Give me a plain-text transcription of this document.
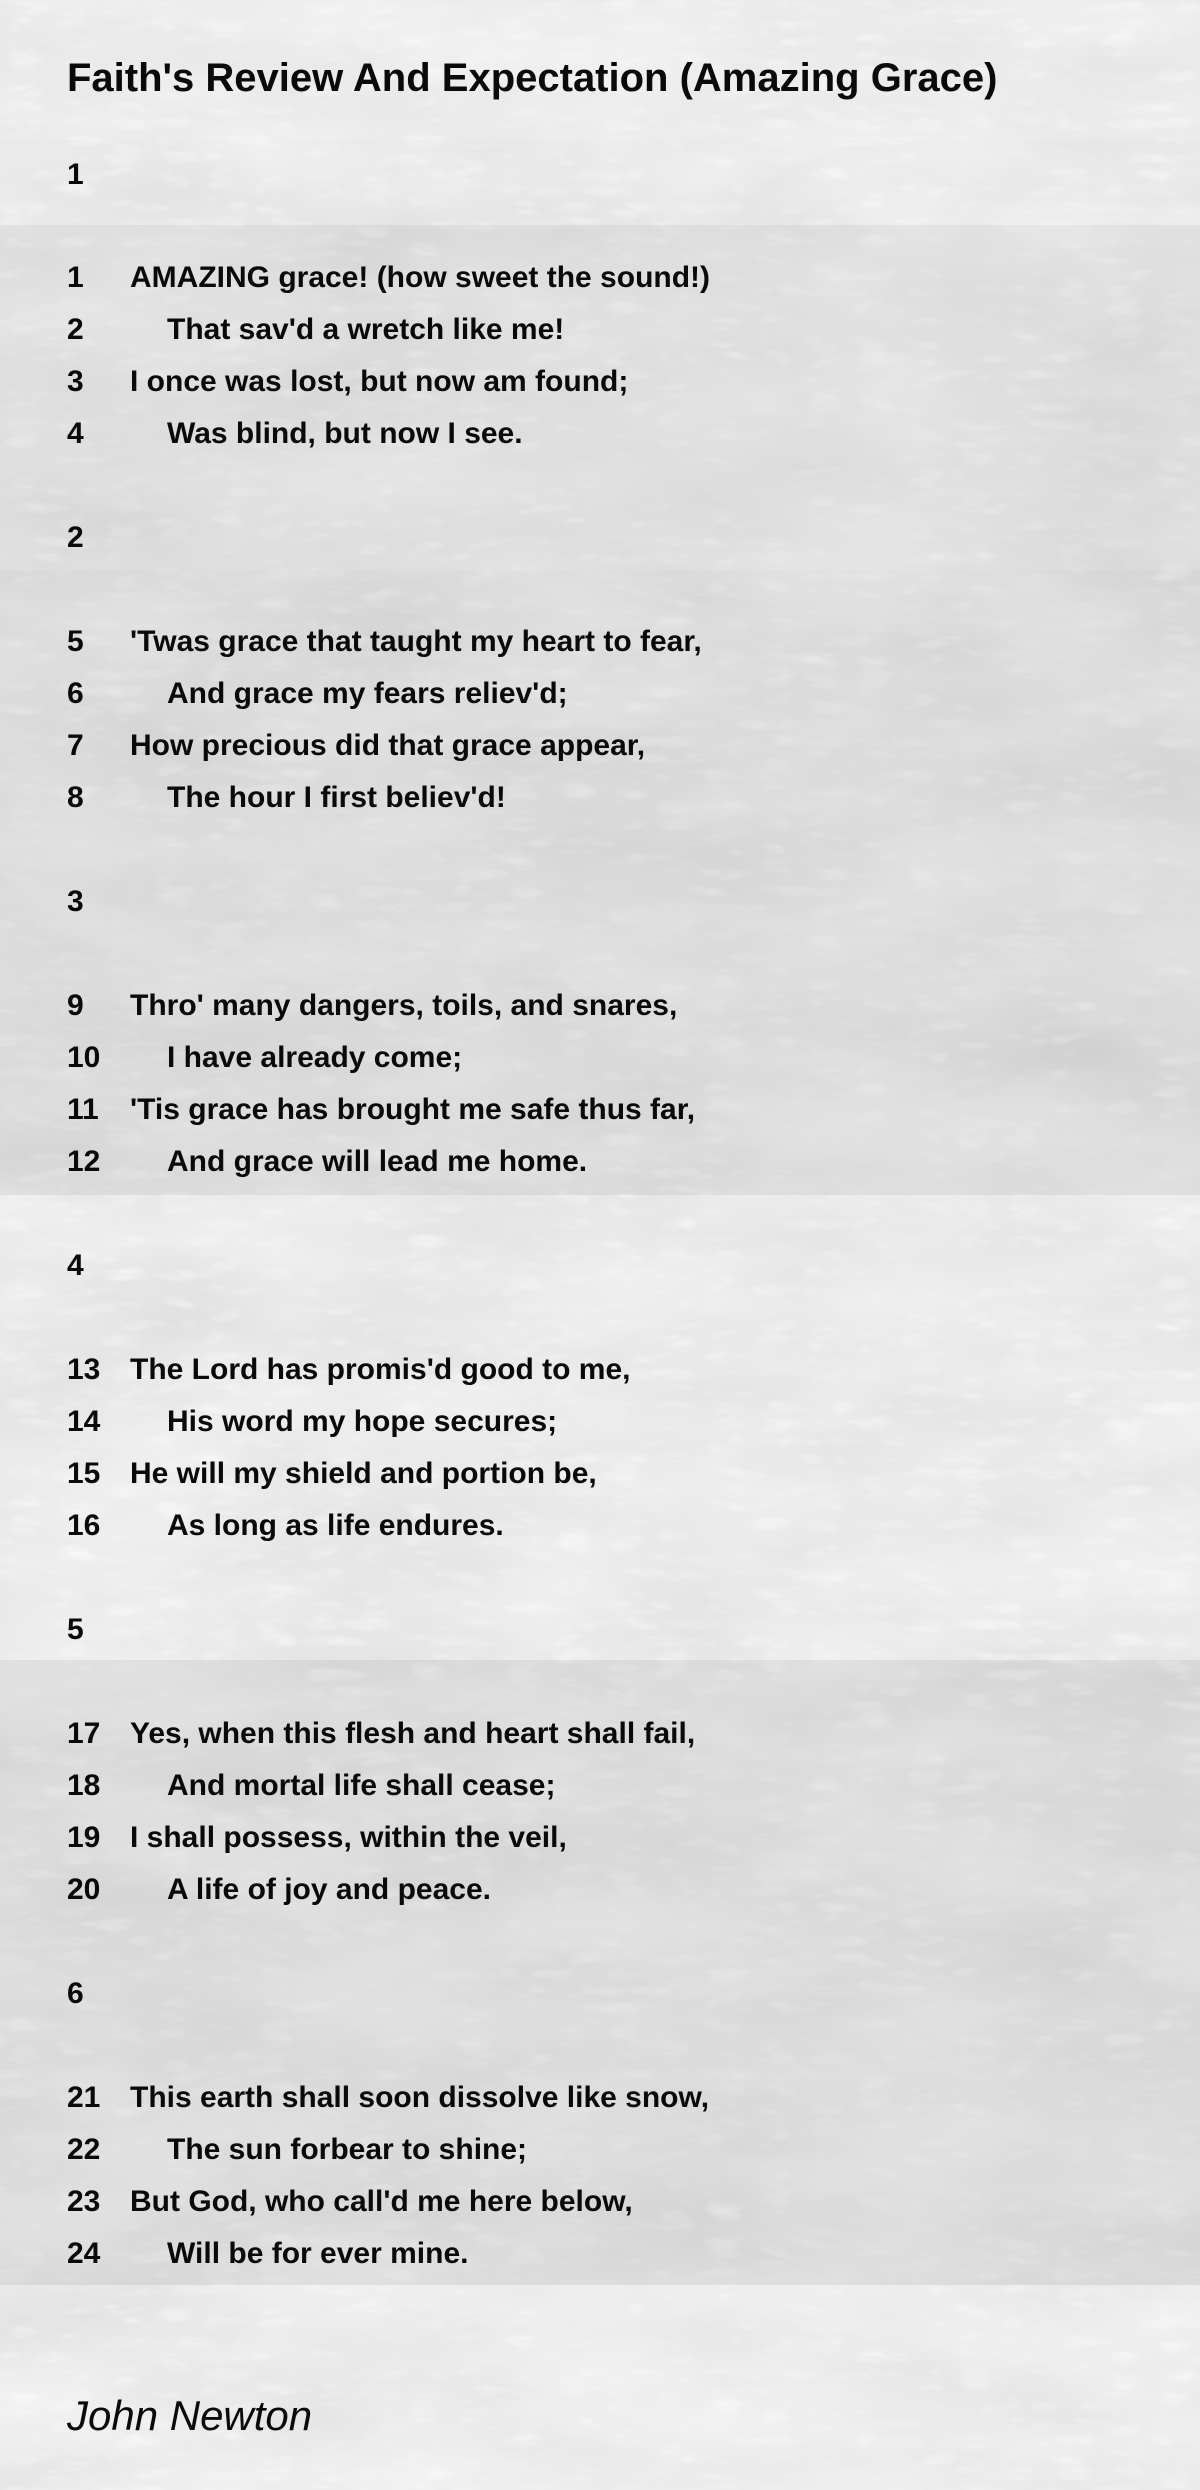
Faith's Review And Expectation (Amazing Grace)
1
1 AMAZING grace! (how sweet the sound!)
2	That sav'd a wretch like me!
3 I once was lost, but now am found;
4	Was blind, but now I see.
2
5 'Twas grace that taught my heart to fear,
6	And grace my fears reliev'd;
7 How precious did that grace appear,
8	The hour I first believ'd!
3
9 Thro' many dangers, toils, and snares,
10 I have already come;
11 'Tis grace has brought me safe thus far,
12 And grace will lead me home.
4
13 The Lord has promis'd good to me,
14 His word my hope secures;
15 He will my shield and portion be,
16 As long as life endures.
5
17 Yes, when this flesh and heart shall fail,
18 And mortal life shall cease;
19 I shall possess, within the veil,
20 A life of joy and peace.
6
21 This earth shall soon dissolve like snow,
22 The sun forbear to shine;
23 But God, who call'd me here below,
24 Will be for ever mine.
John Newton
